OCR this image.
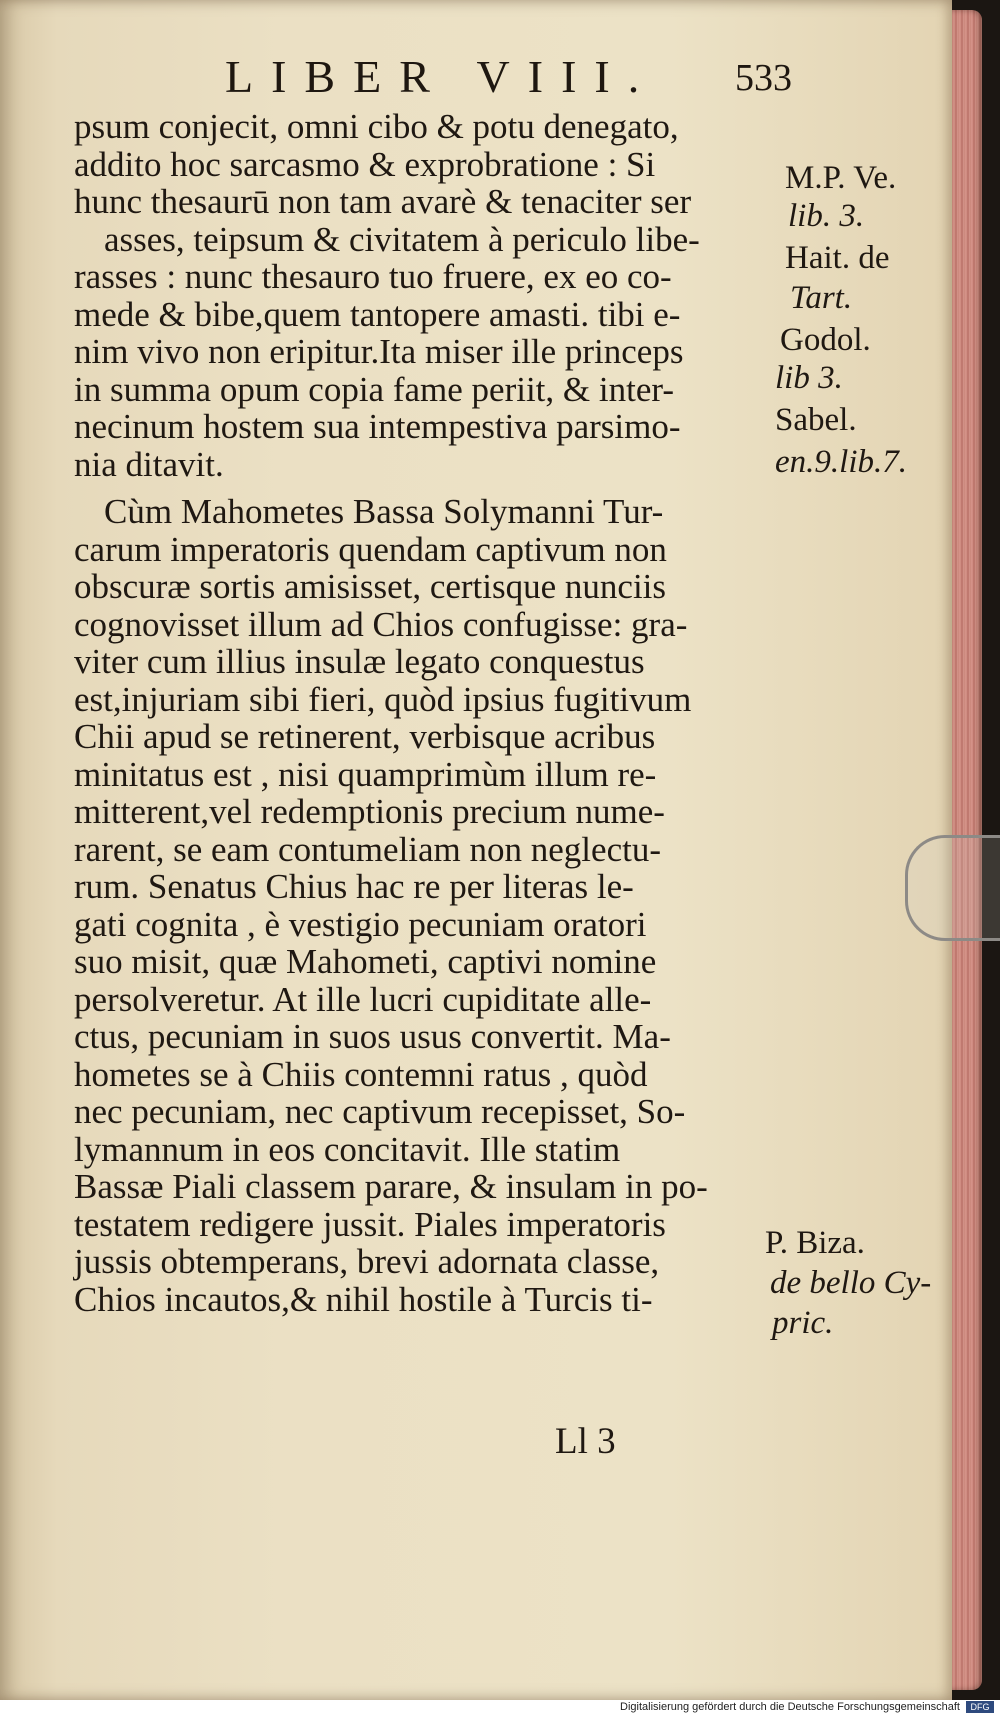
LIBER VIII. 533
psum conjecit, omni cibo & potu denegato,
addito hoc sarcasmo & exprobratione : Si
hunc thesaurū non tam avarè & tenaciter ser
asses, teipsum & civitatem à periculo libe-
rasses : nunc thesauro tuo fruere, ex eo co-
mede & bibe,quem tantopere amasti. tibi e-
nim vivo non eripitur.Ita miser ille princeps
in summa opum copia fame periit, & inter-
necinum hostem sua intempestiva parsimo-
nia ditavit.
Cùm Mahometes Bassa Solymanni Tur-
carum imperatoris quendam captivum non
obscuræ sortis amisisset, certisque nunciis
cognovisset illum ad Chios confugisse: gra-
viter cum illius insulæ legato conquestus
est,injuriam sibi fieri, quòd ipsius fugitivum
Chii apud se retinerent, verbisque acribus
minitatus est , nisi quamprimùm illum re-
mitterent,vel redemptionis precium nume-
rarent, se eam contumeliam non neglectu-
rum. Senatus Chius hac re per literas le-
gati cognita , è vestigio pecuniam oratori
suo misit, quæ Mahometi, captivi nomine
persolveretur. At ille lucri cupiditate alle-
ctus, pecuniam in suos usus convertit. Ma-
hometes se à Chiis contemni ratus , quòd
nec pecuniam, nec captivum recepisset, So-
lymannum in eos concitavit. Ille statim
Bassæ Piali classem parare, & insulam in po-
testatem redigere jussit. Piales imperatoris
jussis obtemperans, brevi adornata classe,
Chios incautos,& nihil hostile à Turcis ti-
M.P. Ve.
lib. 3.
Hait. de
Tart.
Godol.
lib 3.
Sabel.
en.9.lib.7.
P. Biza.
de bello Cy-
pric.
Ll 3
Digitalisierung gefördert durch die Deutsche Forschungsgemeinschaft	DFG
